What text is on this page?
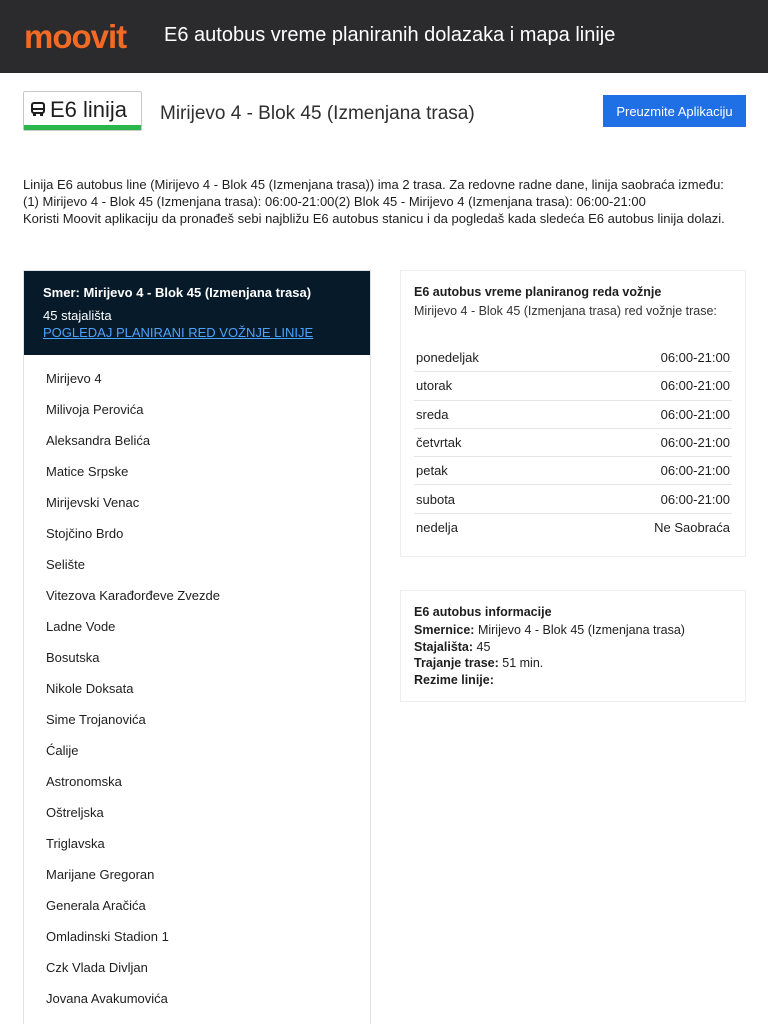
moovit E6 autobus vreme planiranih dolazaka i mapa linije
E6 linija Mirijevo 4 - Blok 45 (Izmenjana trasa)	Preuzmite Aplikaciju
Linija E6 autobus line (Mirijevo 4 - Blok 45 (Izmenjana trasa)) ima 2 trasa. Za redovne radne dane, linija saobraća između:
(1) Mirijevo 4 - Blok 45 (Izmenjana trasa): 06:00-21:00(2) Blok 45 - Mirijevo 4 (Izmenjana trasa): 06:00-21:00
Koristi Moovit aplikaciju da pronađeš sebi najbližu E6 autobus stanicu i da pogledaš kada sledeća E6 autobus linija dolazi.
Smer: Mirijevo 4 - Blok 45 (Izmenjana trasa)
45 stajališta
POGLEDAJ PLANIRANI RED VOŽNJE LINIJE
Mirijevo 4
Milivoja Perovića
Aleksandra Belića
Matice Srpske
Mirijevski Venac
Stojčino Brdo
Selište
Vitezova Karađorđeve Zvezde
Ladne Vode
Bosutska
Nikole Doksata
Sime Trojanovića
Ćalije
Astronomska
Oštreljska
Triglavska
Marijane Gregoran
Generala Aračića
Omladinski Stadion 1
Czk Vlada Divljan
Jovana Avakumovića
E6 autobus vreme planiranog reda vožnje
Mirijevo 4 - Blok 45 (Izmenjana trasa) red vožnje trase:
ponedeljak	06:00-21:00
utorak	06:00-21:00
sreda	06:00-21:00
četvrtak	06:00-21:00
petak	06:00-21:00
subota	06:00-21:00
nedelja	Ne Saobraća
E6 autobus informacije
Smernice: Mirijevo 4 - Blok 45 (Izmenjana trasa)
Stajališta: 45
Trajanje trase: 51 min.
Rezime linije:
